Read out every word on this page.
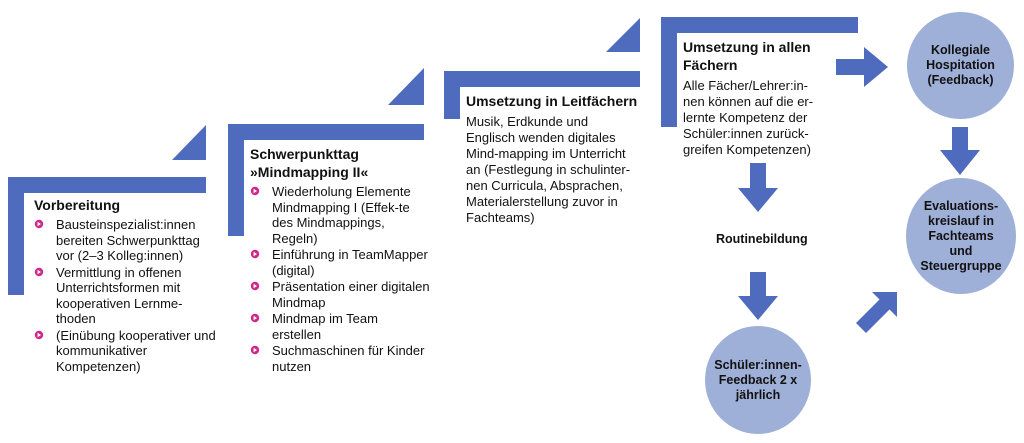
Vorbereitung
Bausteinspezialist:innen bereiten Schwerpunkttag vor (2–3 Kolleg:innen)
Vermittlung in offenen Unterrichtsformen mit kooperativen Lernme-thoden
(Einübung kooperativer und kommunikativer Kompetenzen)
Schwerpunkttag »Mindmapping II«
Wiederholung Elemente Mindmapping I (Effek-te des Mindmappings, Regeln)
Einführung in TeamMapper (digital)
Präsentation einer digitalen Mindmap
Mindmap im Team erstellen
Suchmaschinen für Kinder nutzen
Umsetzung in Leitfächern
Musik, Erdkunde und Englisch wenden digitales Mind-mapping im Unterricht an (Festlegung in schulinter-nen Curricula, Absprachen, Materialerstellung zuvor in Fachteams)
Umsetzung in allen Fächern
Alle Fächer/Lehrer:in-nen können auf die er-lernte Kompetenz der Schüler:innen zurück-greifen Kompetenzen)
Routinebildung
Kollegiale Hospitation (Feedback)
Evaluations-kreislauf in Fachteams und Steuergruppe
Schüler:innen-Feedback 2 x jährlich
